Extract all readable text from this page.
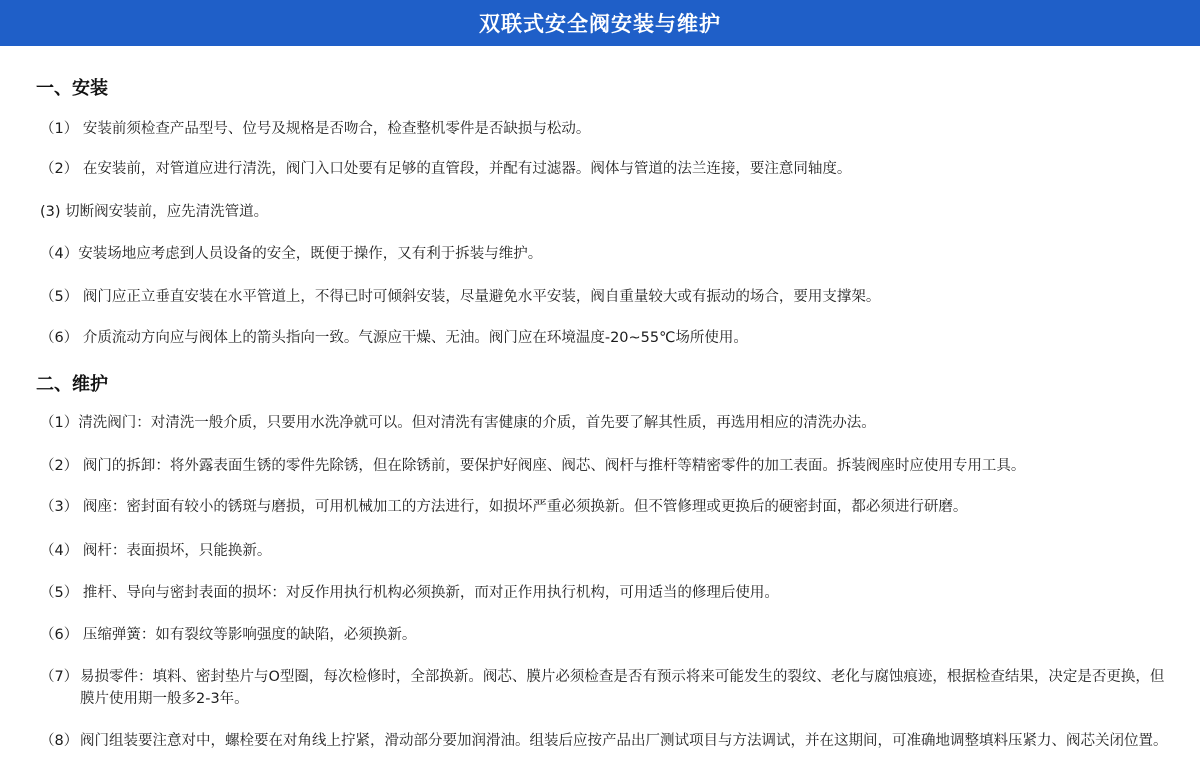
双联式安全阀安装与维护
一、安装
（1） 安装前须检查产品型号、位号及规格是否吻合，检查整机零件是否缺损与松动。
（2） 在安装前，对管道应进行清洗，阀门入口处要有足够的直管段，并配有过滤器。阀体与管道的法兰连接，要注意同轴度。
(3) 切断阀安装前，应先清洗管道。
（4）安装场地应考虑到人员设备的安全，既便于操作，又有利于拆装与维护。
（5） 阀门应正立垂直安装在水平管道上，不得已时可倾斜安装，尽量避免水平安装，阀自重量较大或有振动的场合，要用支撑架。
（6） 介质流动方向应与阀体上的箭头指向一致。气源应干燥、无油。阀门应在环境温度-20~55℃场所使用。
二、维护
（1）清洗阀门：对清洗一般介质，只要用水洗净就可以。但对清洗有害健康的介质，首先要了解其性质，再选用相应的清洗办法。
（2） 阀门的拆卸：将外露表面生锈的零件先除锈，但在除锈前，要保护好阀座、阀芯、阀杆与推杆等精密零件的加工表面。拆装阀座时应使用专用工具。
（3） 阀座：密封面有较小的锈斑与磨损，可用机械加工的方法进行，如损坏严重必须换新。但不管修理或更换后的硬密封面，都必须进行研磨。
（4） 阀杆：表面损坏，只能换新。
（5） 推杆、导向与密封表面的损坏：对反作用执行机构必须换新，而对正作用执行机构，可用适当的修理后使用。
（6） 压缩弹簧：如有裂纹等影响强度的缺陷，必须换新。
（7） 易损零件：填料、密封垫片与O型圈，每次检修时，全部换新。阀芯、膜片必须检查是否有预示将来可能发生的裂纹、老化与腐蚀痕迹，根据检查结果，决定是否更换，但膜片使用期一般多2-3年。
（8） 阀门组装要注意对中，螺栓要在对角线上拧紧，滑动部分要加润滑油。组装后应按产品出厂测试项目与方法调试，并在这期间，可准确地调整填料压紧力、阀芯关闭位置。
